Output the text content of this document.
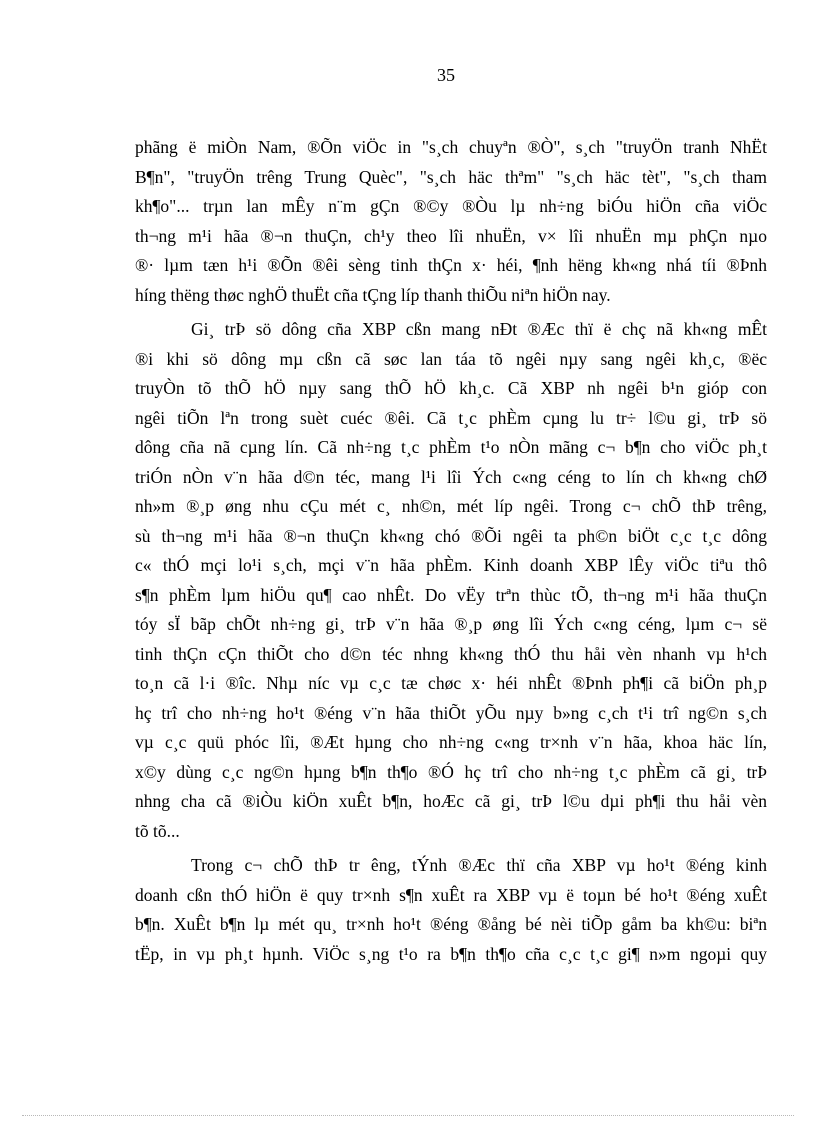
35
phãng ë miÒn Nam, ®Õn viÖc in "s¸ch chuyªn ®Ò", s¸ch "truyÖn tranh NhËt
B¶n", "truyÖn trêng Trung Quèc", "s¸ch häc thªm" "s¸ch häc tèt", "s¸ch tham
kh¶o"... trµn lan mÊy n¨m gÇn ®©y ®Òu lµ nh÷ng biÓu hiÖn cña viÖc
th¬ng m¹i hãa ®¬n thuÇn, ch¹y theo lîi nhuËn, v× lîi nhuËn mµ phÇn nµo
®· lµm tæn h¹i ®Õn ®êi sèng tinh thÇn x· héi, ¶nh hëng kh«ng nhá tíi ®Þnh
híng thëng thøc nghÖ thuËt cña tÇng líp thanh thiÕu niªn hiÖn nay.
Gi¸ trÞ sö dông cña XBP cßn mang nÐt ®Æc thï ë chç nã kh«ng mÊt
®i khi sö dông mµ cßn cã søc lan táa tõ ngêi nµy sang ngêi kh¸c, ®ëc
truyÒn tõ thÕ hÖ nµy sang thÕ hÖ kh¸c. Cã XBP nh ngêi b¹n gióp con
ngêi tiÕn lªn trong suèt cuéc ®êi. Cã t¸c phÈm cµng lu tr÷ l©u gi¸ trÞ sö
dông cña nã cµng lín. Cã nh÷ng t¸c phÈm t¹o nÒn mãng c¬ b¶n cho viÖc ph¸t
triÓn nÒn v¨n hãa d©n téc, mang l¹i lîi Ých c«ng céng to lín ch kh«ng chØ
nh»m ®¸p øng nhu cÇu mét c¸ nh©n, mét líp ngêi. Trong c¬ chÕ thÞ trêng,
sù th¬ng m¹i hãa ®¬n thuÇn kh«ng chó ®Õi ngêi ta ph©n biÖt c¸c t¸c dông
c« thÓ mçi lo¹i s¸ch, mçi v¨n hãa phÈm. Kinh doanh XBP lÊy viÖc tiªu thô
s¶n phÈm lµm hiÖu qu¶ cao nhÊt. Do vËy trªn thùc tÕ, th¬ng m¹i hãa thuÇn
tóy sÏ bãp chÕt nh÷ng gi¸ trÞ v¨n hãa ®¸p øng lîi Ých c«ng céng, lµm c¬ së
tinh thÇn cÇn thiÕt cho d©n téc nhng kh«ng thÓ thu håi vèn nhanh vµ h¹ch
to¸n cã l·i ®îc. Nhµ níc vµ c¸c tæ chøc x· héi nhÊt ®Þnh ph¶i cã biÖn ph¸p
hç trî cho nh÷ng ho¹t ®éng v¨n hãa thiÕt yÕu nµy b»ng c¸ch t¹i trî ng©n s¸ch
vµ c¸c quü phóc lîi, ®Æt hµng cho nh÷ng c«ng tr×nh v¨n hãa, khoa häc lín,
x©y dùng c¸c ng©n hµng b¶n th¶o ®Ó hç trî cho nh÷ng t¸c phÈm cã gi¸ trÞ
nhng cha cã ®iÒu kiÖn xuÊt b¶n, hoÆc cã gi¸ trÞ l©u dµi ph¶i thu håi vèn
tõ tõ...
Trong c¬ chÕ thÞ tr êng, tÝnh ®Æc thï cña XBP vµ ho¹t ®éng kinh
doanh cßn thÓ hiÖn ë quy tr×nh s¶n xuÊt ra XBP vµ ë toµn bé ho¹t ®éng xuÊt
b¶n. XuÊt b¶n lµ mét qu¸ tr×nh ho¹t ®éng ®ång bé nèi tiÕp gåm ba kh©u: biªn
tËp, in vµ ph¸t hµnh. ViÖc s¸ng t¹o ra b¶n th¶o cña c¸c t¸c gi¶ n»m ngoµi quy
